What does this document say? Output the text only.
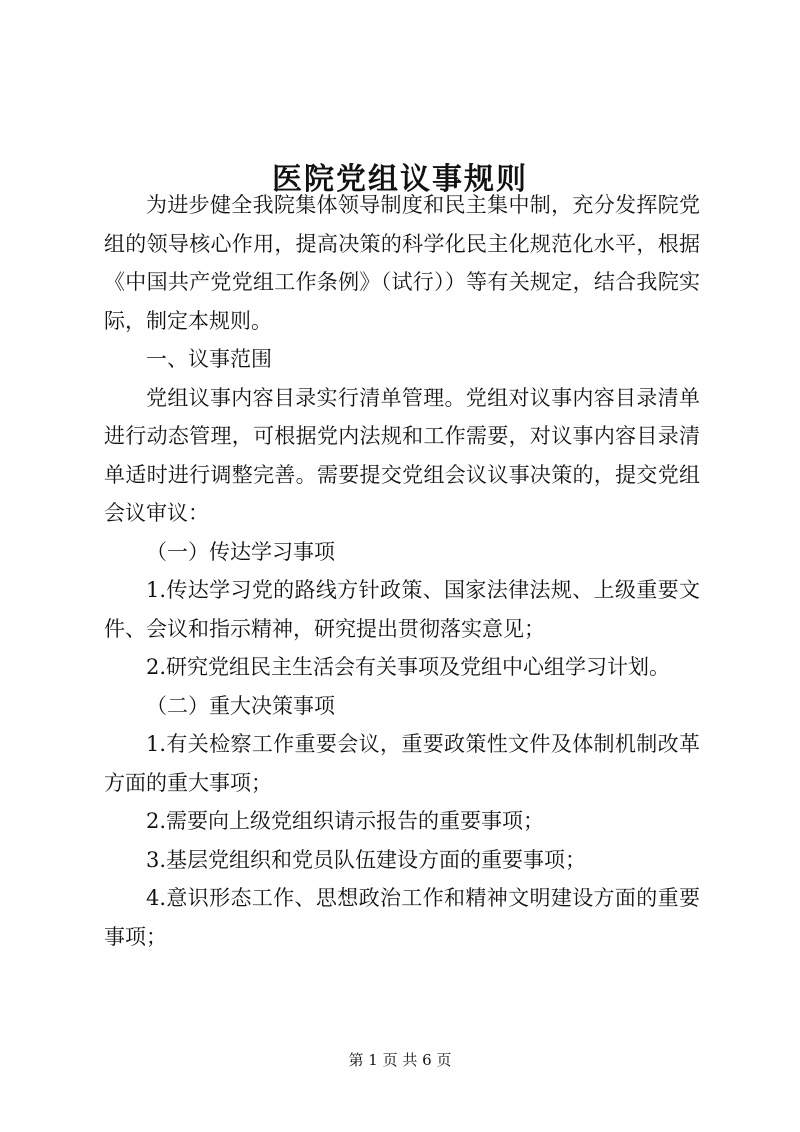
医院党组议事规则

为进步健全我院集体领导制度和民主集中制，充分发挥院党组的领导核心作用，提高决策的科学化民主化规范化水平，根据《中国共产党党组工作条例》（试行））等有关规定，结合我院实际，制定本规则。

一、议事范围

党组议事内容目录实行清单管理。党组对议事内容目录清单进行动态管理，可根据党内法规和工作需要，对议事内容目录清单适时进行调整完善。需要提交党组会议议事决策的，提交党组会议审议：

（一）传达学习事项

1.传达学习党的路线方针政策、国家法律法规、上级重要文件、会议和指示精神，研究提出贯彻落实意见；

2.研究党组民主生活会有关事项及党组中心组学习计划。

（二）重大决策事项

1.有关检察工作重要会议，重要政策性文件及体制机制改革方面的重大事项；

2.需要向上级党组织请示报告的重要事项；

3.基层党组织和党员队伍建设方面的重要事项；

4.意识形态工作、思想政治工作和精神文明建设方面的重要事项；

第 1 页 共 6 页
